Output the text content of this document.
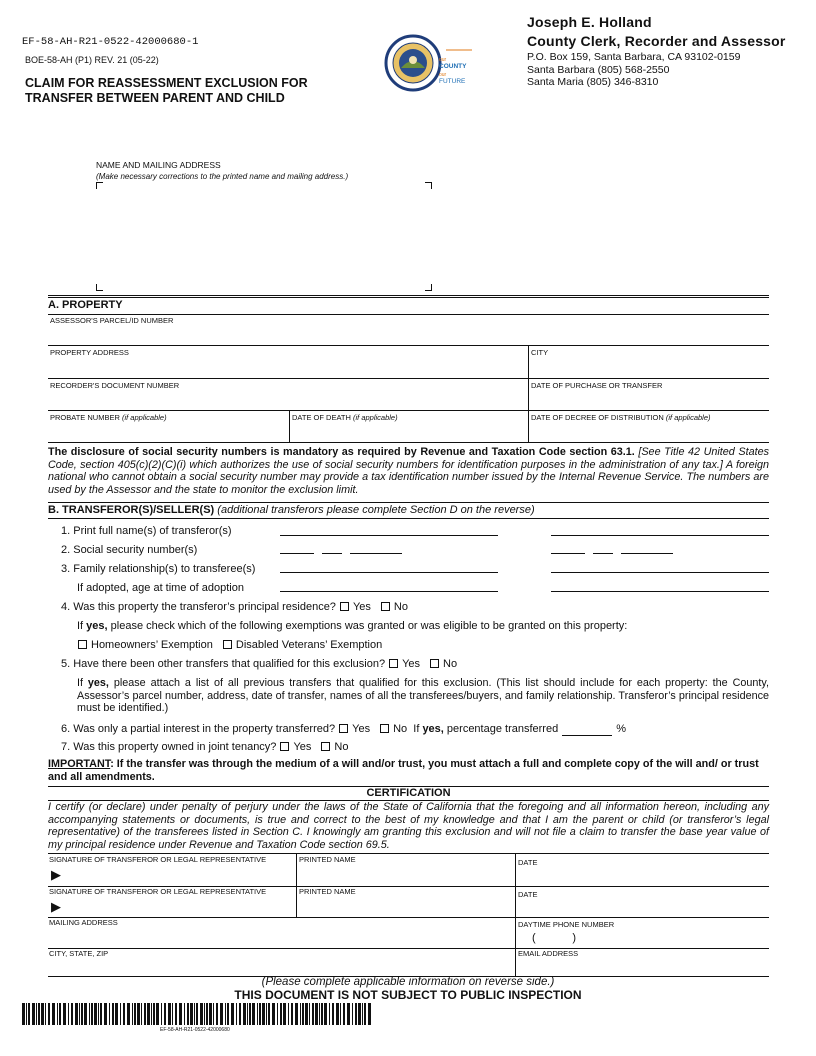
EF-58-AH-R21-0522-42000680-1
BOE-58-AH (P1) REV. 21 (05-22)
CLAIM FOR REASSESSMENT EXCLUSION FOR
TRANSFER BETWEEN PARENT AND CHILD
our
COUNTY
our
FUTURE
Joseph E. Holland
County Clerk, Recorder and Assessor
P.O. Box 159, Santa Barbara, CA 93102-0159
Santa Barbara (805) 568-2550
Santa Maria (805) 346-8310
NAME AND MAILING ADDRESS
(Make necessary corrections to the printed name and mailing address.)
A. PROPERTY
ASSESSOR'S PARCEL/ID NUMBER
PROPERTY ADDRESS	CITY
RECORDER'S DOCUMENT NUMBER	DATE OF PURCHASE OR TRANSFER
PROBATE NUMBER (if applicable)	DATE OF DEATH (if applicable)	DATE OF DECREE OF DISTRIBUTION (if applicable)
The disclosure of social security numbers is mandatory as required by Revenue and Taxation Code section 63.1. [See Title 42 United States Code, section 405(c)(2)(C)(i) which authorizes the use of social security numbers for identification purposes in the administration of any tax.] A foreign national who cannot obtain a social security number may provide a tax identification number issued by the Internal Revenue Service. The numbers are used by the Assessor and the state to monitor the exclusion limit.
B. TRANSFEROR(S)/SELLER(S) (additional transferors please complete Section D on the reverse)
1. Print full name(s) of transferor(s)
2. Social security number(s)
3. Family relationship(s) to transferee(s)
If adopted, age at time of adoption
4. Was this property the transferor’s principal residence? Yes No
If yes, please check which of the following exemptions was granted or was eligible to be granted on this property:
Homeowners’ Exemption Disabled Veterans’ Exemption
5. Have there been other transfers that qualified for this exclusion? Yes No
If yes, please attach a list of all previous transfers that qualified for this exclusion. (This list should include for each property: the County, Assessor’s parcel number, address, date of transfer, names of all the transferees/buyers, and family relationship. Transferor’s principal residence must be identified.)
6. Was only a partial interest in the property transferred? Yes No If yes, percentage transferred	%
7. Was this property owned in joint tenancy? Yes No
IMPORTANT: If the transfer was through the medium of a will and/or trust, you must attach a full and complete copy of the will and/ or trust and all amendments.
CERTIFICATION
I certify (or declare) under penalty of perjury under the laws of the State of California that the foregoing and all information hereon, including any accompanying statements or documents, is true and correct to the best of my knowledge and that I am the parent or child (or transferor’s legal representative) of the transferees listed in Section C. I knowingly am granting this exclusion and will not file a claim to transfer the base year value of my principal residence under Revenue and Taxation Code section 69.5.
SIGNATURE OF TRANSFEROR OR LEGAL REPRESENTATIVE
▶
PRINTED NAME	DATE
SIGNATURE OF TRANSFEROR OR LEGAL REPRESENTATIVE
▶
PRINTED NAME	DATE
MAILING ADDRESS	DAYTIME PHONE NUMBER
(            )
CITY, STATE, ZIP	EMAIL ADDRESS
(Please complete applicable information on reverse side.)
THIS DOCUMENT IS NOT SUBJECT TO PUBLIC INSPECTION
EF-58-AH-R21-0522-42000680
